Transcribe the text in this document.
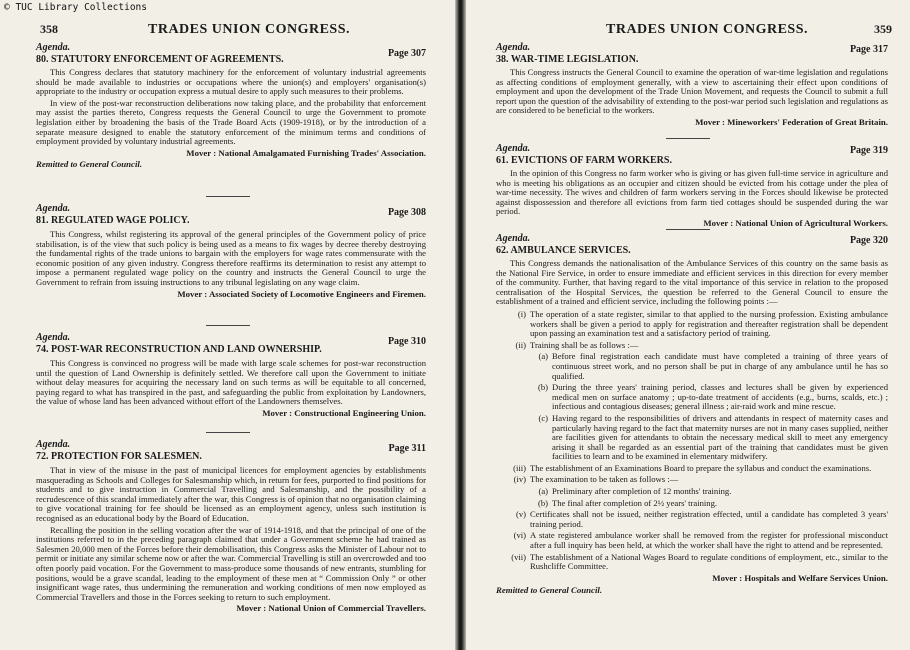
© TUC Library Collections
358	TRADES UNION CONGRESS.
Agenda.
Page 307
80. STATUTORY ENFORCEMENT OF AGREEMENTS.

This Congress declares that statutory machinery for the enforcement of voluntary industrial agreements should be made available to industries or occupations where the union(s) and employers' organisation(s) appropriate to the industry or occupation express a mutual desire to apply such measures to their problems.

In view of the post-war reconstruction deliberations now taking place, and the probability that enforcement may assist the parties thereto, Congress requests the General Council to urge the Government to promote legislation either by broadening the basis of the Trade Board Acts (1909-1918), or by the introduction of a separate measure designed to enable the statutory enforcement of the minimum terms and conditions of employment provided by voluntary industrial agreements.

Mover : National Amalgamated Furnishing Trades' Association.
Remitted to General Council.
Agenda.	Page 308
81. REGULATED WAGE POLICY.

This Congress, whilst registering its approval of the general principles of the Government policy of price stabilisation, is of the view that such policy is being used as a means to fix wages by decree thereby destroying the fundamental rights of the trade unions to bargain with the employers for wage rates commensurate with the economic position of any given industry. Congress therefore reaffirms its determination to resist any attempt to impose a permanent regulated wage policy on the country and instructs the General Council to urge the Government to refrain from issuing instructions to any tribunal legislating on any wage claim.

Mover : Associated Society of Locomotive Engineers and Firemen.
Agenda.	Page 310
74. POST-WAR RECONSTRUCTION AND LAND OWNERSHIP.

This Congress is convinced no progress will be made with large scale schemes for post-war reconstruction until the question of Land Ownership is definitely settled. We therefore call upon the Government to initiate without delay measures for acquiring the necessary land on such terms as will be equitable to all concerned, paying regard to what has transpired in the past, and safeguarding the public from exploitation by Landowners, the value of whose land has been advanced without effort of the Landowners themselves.

Mover : Constructional Engineering Union.
Agenda.	Page 311
72. PROTECTION FOR SALESMEN.

That in view of the misuse in the past of municipal licences for employment agencies by establishments masquerading as Schools and Colleges for Salesmanship which, in return for fees, purported to find positions for students and to give instruction in Commercial Travelling and Salesmanship, and the possibility of a recrudescence of this scandal immediately after the war, this Congress is of opinion that no organisation claiming to give vocational training for fee should be licensed as an employment agency, unless such institution is recognised as an educational body by the Board of Education.

Recalling the position in the selling vocation after the war of 1914-1918, and that the principal of one of the institutions referred to in the preceding paragraph claimed that under a Government scheme he had trained as Salesmen 20,000 men of the Forces before their demobilisation, this Congress asks the Minister of Labour not to permit or initiate any similar scheme now or after the war. Commercial Travelling is still an overcrowded and too often poorly paid vocation. For the Government to mass-produce some thousands of new entrants, stumbling for positions, would be a grave scandal, leading to the employment of these men at “ Commission Only ” or other insignificant wage rates, thus undermining the remuneration and working conditions of men now employed as Commercial Travellers and those in the Forces seeking to return to such employment.

Mover : National Union of Commercial Travellers.
TRADES UNION CONGRESS.	359
Agenda.	Page 317
38. WAR-TIME LEGISLATION.

This Congress instructs the General Council to examine the operation of war-time legislation and regulations as affecting conditions of employment generally, with a view to ascertaining their effect upon conditions of employment and upon the development of the Trade Union Movement, and requests the Council to submit a full report upon the question of the advisability of extending to the post-war period such legislation and regulations as are considered to be beneficial to the workers.

Mover : Mineworkers' Federation of Great Britain.
Agenda.	Page 319
61. EVICTIONS OF FARM WORKERS.

In the opinion of this Congress no farm worker who is giving or has given full-time service in agriculture and who is meeting his obligations as an occupier and citizen should be evicted from his cottage under the plea of war-time necessity. The wives and children of farm workers serving in the Forces should likewise be protected against dispossession and therefore all evictions from farm tied cottages should be suspended during the war period.

Mover : National Union of Agricultural Workers.
Agenda.	Page 320
62. AMBULANCE SERVICES.

This Congress demands the nationalisation of the Ambulance Services of this country on the same basis as the National Fire Service, in order to ensure immediate and efficient services in this direction for every member of the community. Further, that having regard to the vital importance of this service in relation to the proposed centralisation of the Hospital Services, the question be referred to the General Council to ensure the establishment of a trained and efficient service, including the following points :—

(i) The operation of a state register, similar to that applied to the nursing profession. Existing ambulance workers shall be given a period to apply for registration and thereafter registration shall be dependent upon passing an examination test and a satisfactory period of training.
(ii) Training shall be as follows :—
(a) Before final registration each candidate must have completed a training of three years of continuous street work, and no person shall be put in charge of any ambulance until he has so qualified.
(b) During the three years' training period, classes and lectures shall be given by experienced medical men on surface anatomy ; up-to-date treatment of accidents (e.g., burns, scalds, etc.) ; infectious and contagious diseases; general illness ; air-raid work and mine rescue.
(c) Having regard to the responsibilities of drivers and attendants in respect of maternity cases and particularly having regard to the fact that maternity nurses are not in many cases supplied, neither are facilities given for attendants to obtain the necessary medical skill to meet any emergency arising it shall be regarded as an essential part of the training that candidates must be given facilities to learn and to be examined in elementary midwifery.
(iii) The establishment of an Examinations Board to prepare the syllabus and conduct the examinations.
(iv) The examination to be taken as follows :—
(a) Preliminary after completion of 12 months' training.
(b) The final after completion of 2½ years' training.
(v) Certificates shall not be issued, neither registration effected, until a candidate has completed 3 years' training period.
(vi) A state registered ambulance worker shall be removed from the register for professional misconduct after a full inquiry has been held, at which the worker shall have the right to attend and be represented.
(vii) The establishment of a National Wages Board to regulate conditions of employment, etc., similar to the Rushcliffe Committee.
Mover : Hospitals and Welfare Services Union.
Remitted to General Council.
